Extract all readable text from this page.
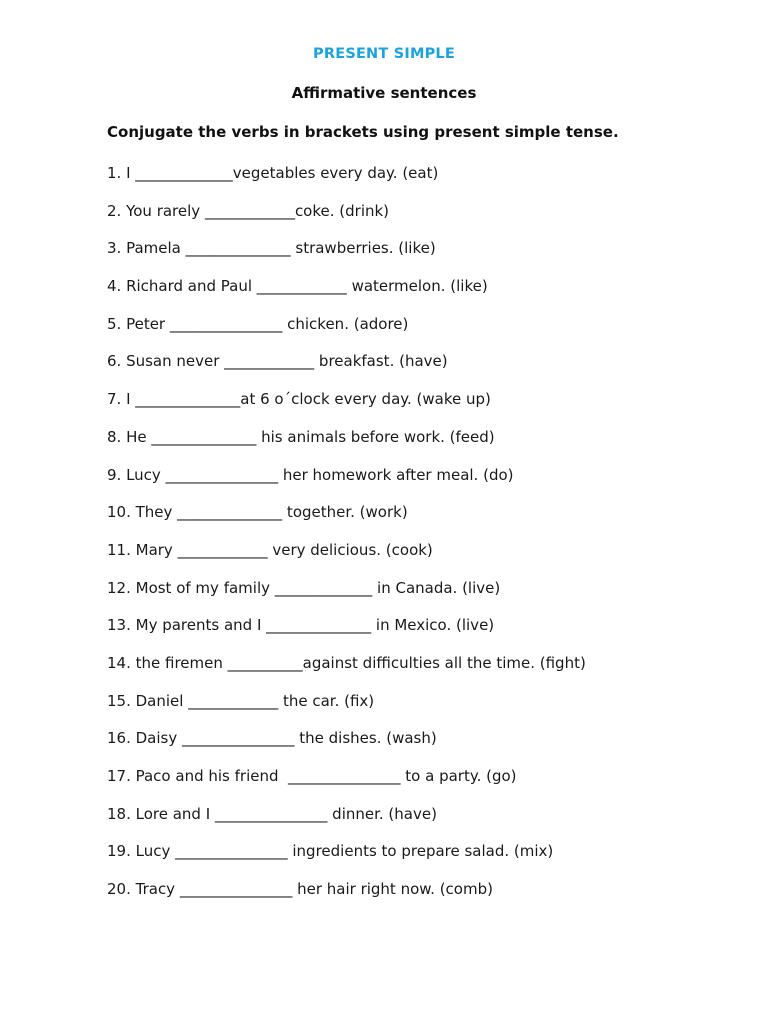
PRESENT SIMPLE
Affirmative sentences
Conjugate the verbs in brackets using present simple tense.
1. I _____________vegetables every day. (eat)
2. You rarely ____________coke. (drink)
3. Pamela ______________ strawberries. (like)
4. Richard and Paul ____________ watermelon. (like)
5. Peter _______________ chicken. (adore)
6. Susan never ____________ breakfast. (have)
7. I ______________at 6 o´clock every day. (wake up)
8. He ______________ his animals before work. (feed)
9. Lucy _______________ her homework after meal. (do)
10. They ______________ together. (work)
11. Mary ____________ very delicious. (cook)
12. Most of my family _____________ in Canada. (live)
13. My parents and I ______________ in Mexico. (live)
14. the firemen __________against difficulties all the time. (fight)
15. Daniel ____________ the car. (fix)
16. Daisy _______________ the dishes. (wash)
17. Paco and his friend  _______________ to a party. (go)
18. Lore and I _______________ dinner. (have)
19. Lucy _______________ ingredients to prepare salad. (mix)
20. Tracy _______________ her hair right now. (comb)
